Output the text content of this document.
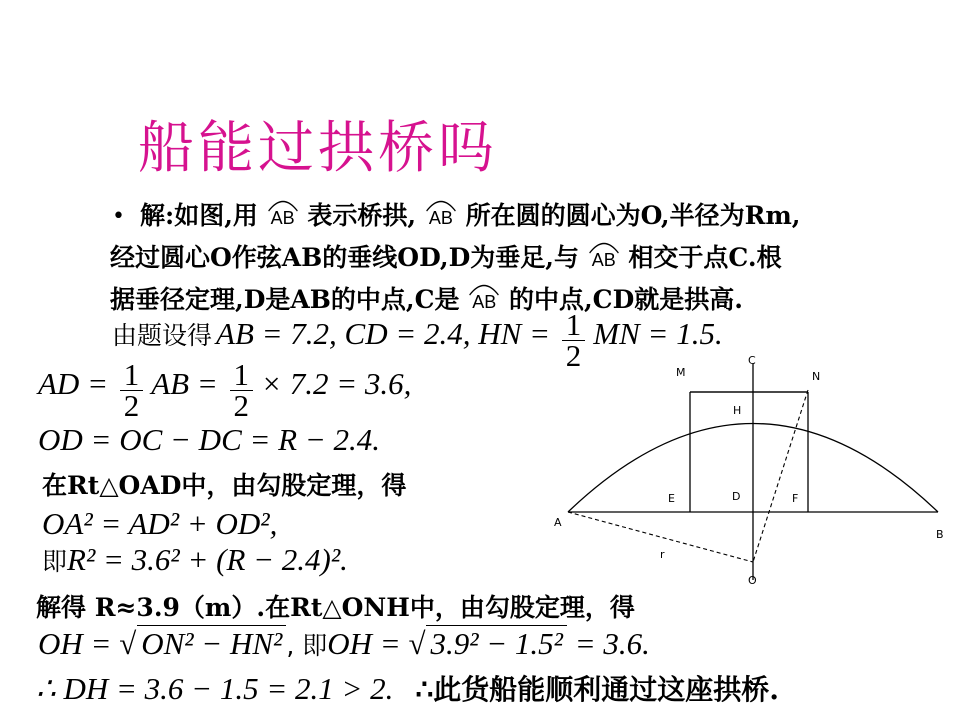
船能过拱桥吗
• 解:如图,用 AB 表示桥拱, AB 所在圆的圆心为O,半径为Rm,
经过圆心O作弦AB的垂线OD,D为垂足,与 AB 相交于点C.根
据垂径定理,D是AB的中点,C是 AB 的中点,CD就是拱高.
由题设得 AB = 7.2, CD = 2.4, HN = $\frac{1}{2}$ MN = 1.5.
AD = $\frac{1}{2}$ AB = $\frac{1}{2} \times 7.2 = 3.6$,
OD = OC − DC = R − 2.4.
在Rt△OAD中，由勾股定理，得
OA² = AD² + OD²,
即R² = 3.6² + (R − 2.4)².
解得 R≈3.9（m）.在Rt△ONH中，由勾股定理，得
OH = √ ON² − HN² , 即OH = √ 3.9² − 1.5² = 3.6.
∴ DH = 3.6 − 1.5 = 2.1 > 2. ∴此货船能顺利通过这座拱桥.
M
C
N
H
E	D	F
A
B
r
O
